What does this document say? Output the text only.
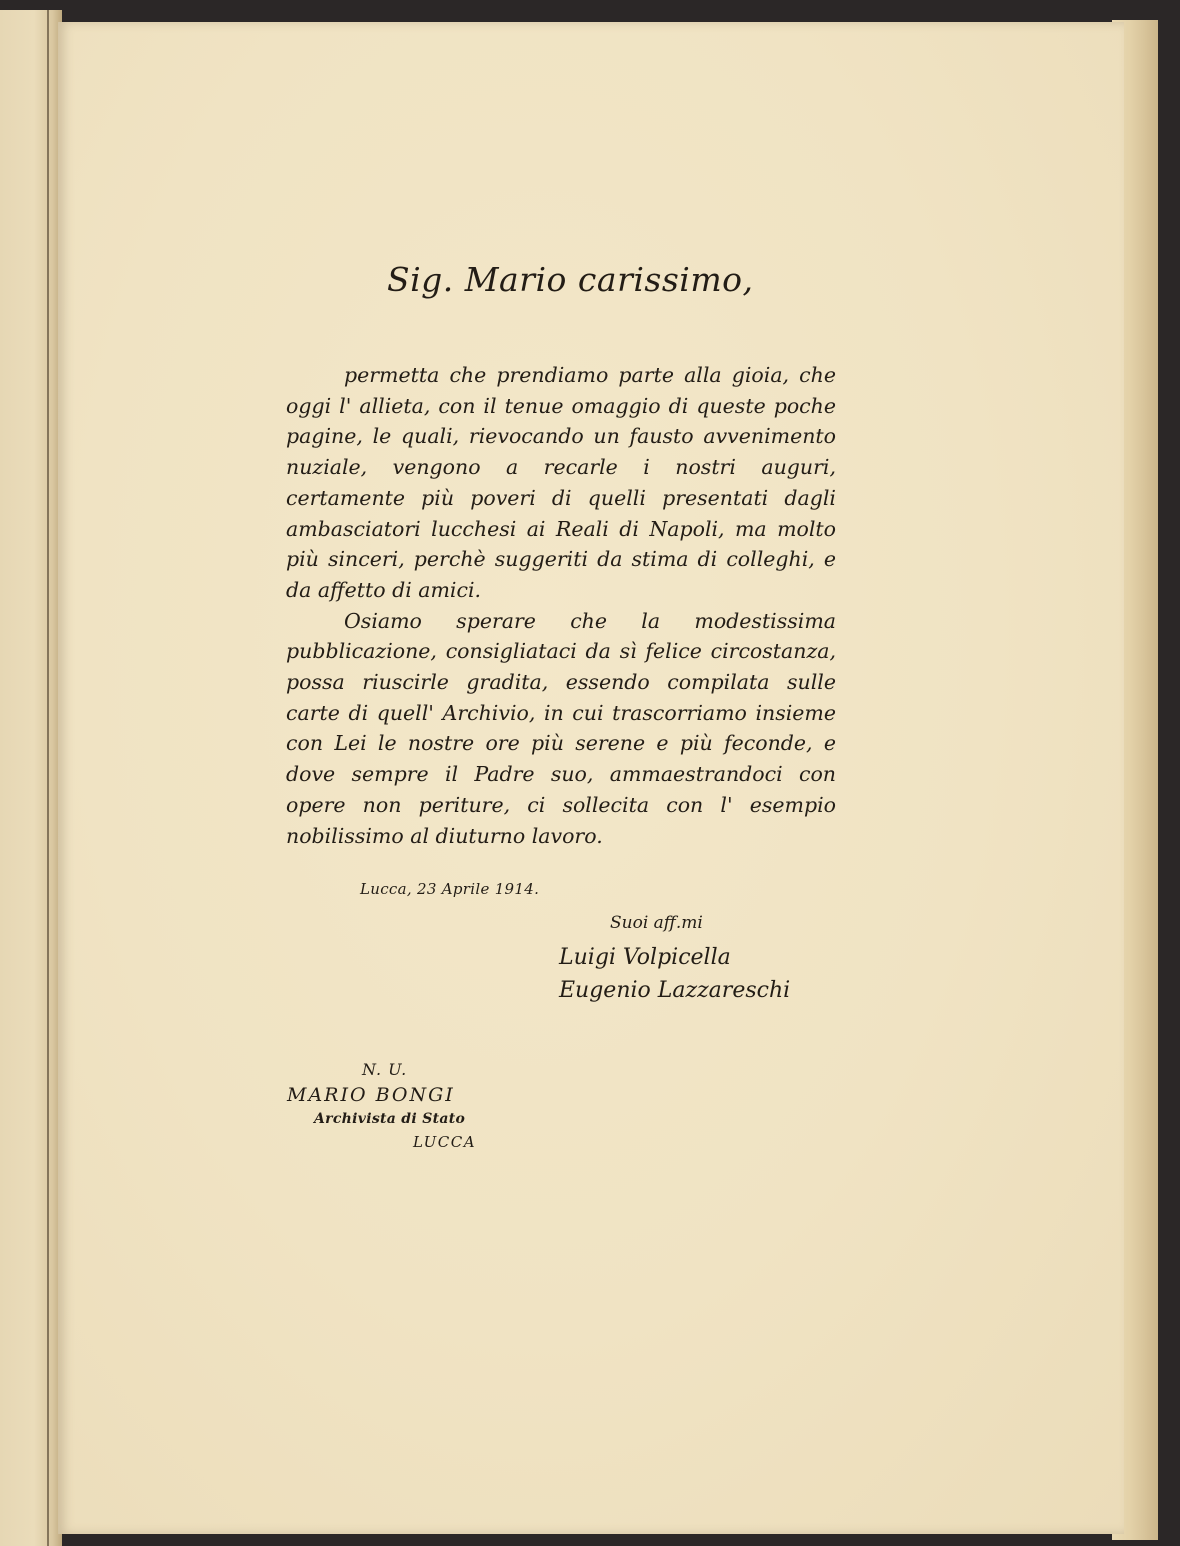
Sig. Mario carissimo,

permetta che prendiamo parte alla gioia, che oggi l' allieta, con il tenue omaggio di queste poche pagine, le quali, rievocando un fausto avvenimento nuziale, vengono a recarle i nostri auguri, certamente più poveri di quelli presentati dagli ambasciatori lucchesi ai Reali di Napoli, ma molto più sinceri, perchè suggeriti da stima di colleghi, e da affetto di amici.

Osiamo sperare che la modestissima pubblicazione, consigliataci da sì felice circostanza, possa riuscirle gradita, essendo compilata sulle carte di quell' Archivio, in cui trascorriamo insieme con Lei le nostre ore più serene e più feconde, e dove sempre il Padre suo, ammaestrandoci con opere non periture, ci sollecita con l' esempio nobilissimo al diuturno lavoro.

Lucca, 23 Aprile 1914.
Suoi aff.mi
Luigi Volpicella
Eugenio Lazzareschi
N. U.
MARIO BONGI
Archivista di Stato
LUCCA
